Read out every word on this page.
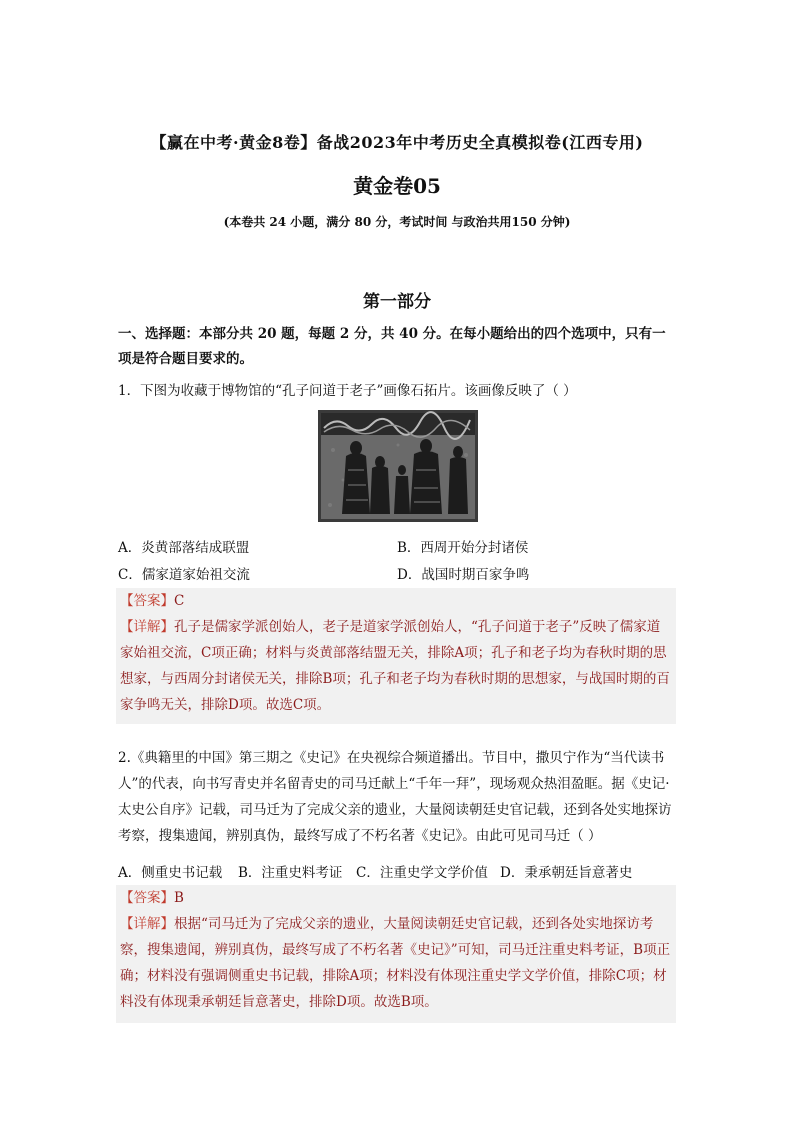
【赢在中考·黄金8卷】备战2023年中考历史全真模拟卷(江西专用)
黄金卷05
(本卷共 24 小题，满分 80 分，考试时间 与政治共用150 分钟)
第一部分
一、选择题：本部分共 20 题，每题 2 分，共 40 分。在每小题给出的四个选项中，只有一项是符合题目要求的。
1．下图为收藏于博物馆的“孔子问道于老子”画像石拓片。该画像反映了（ ）
A．炎黄部落结成联盟	B．西周开始分封诸侯
C．儒家道家始祖交流	D．战国时期百家争鸣

【答案】C

【详解】孔子是儒家学派创始人，老子是道家学派创始人，“孔子问道于老子”反映了儒家道家始祖交流，C项正确；材料与炎黄部落结盟无关，排除A项；孔子和老子均为春秋时期的思想家，与西周分封诸侯无关，排除B项；孔子和老子均为春秋时期的思想家，与战国时期的百家争鸣无关，排除D项。故选C项。

2.《典籍里的中国》第三期之《史记》在央视综合频道播出。节目中，撒贝宁作为“当代读书人”的代表，向书写青史并名留青史的司马迁献上“千年一拜”，现场观众热泪盈眶。据《史记·太史公自序》记载，司马迁为了完成父亲的遗业，大量阅读朝廷史官记载，还到各处实地探访考察，搜集遗闻，辨别真伪，最终写成了不朽名著《史记》。由此可见司马迁（ ）
A．侧重史书记载 B．注重史料考证 C．注重史学文学价值 D．秉承朝廷旨意著史

【答案】B

【详解】根据“司马迁为了完成父亲的遗业，大量阅读朝廷史官记载，还到各处实地探访考察，搜集遗闻，辨别真伪，最终写成了不朽名著《史记》”可知，司马迁注重史料考证，B项正确；材料没有强调侧重史书记载，排除A项；材料没有体现注重史学文学价值，排除C项；材料没有体现秉承朝廷旨意著史，排除D项。故选B项。
